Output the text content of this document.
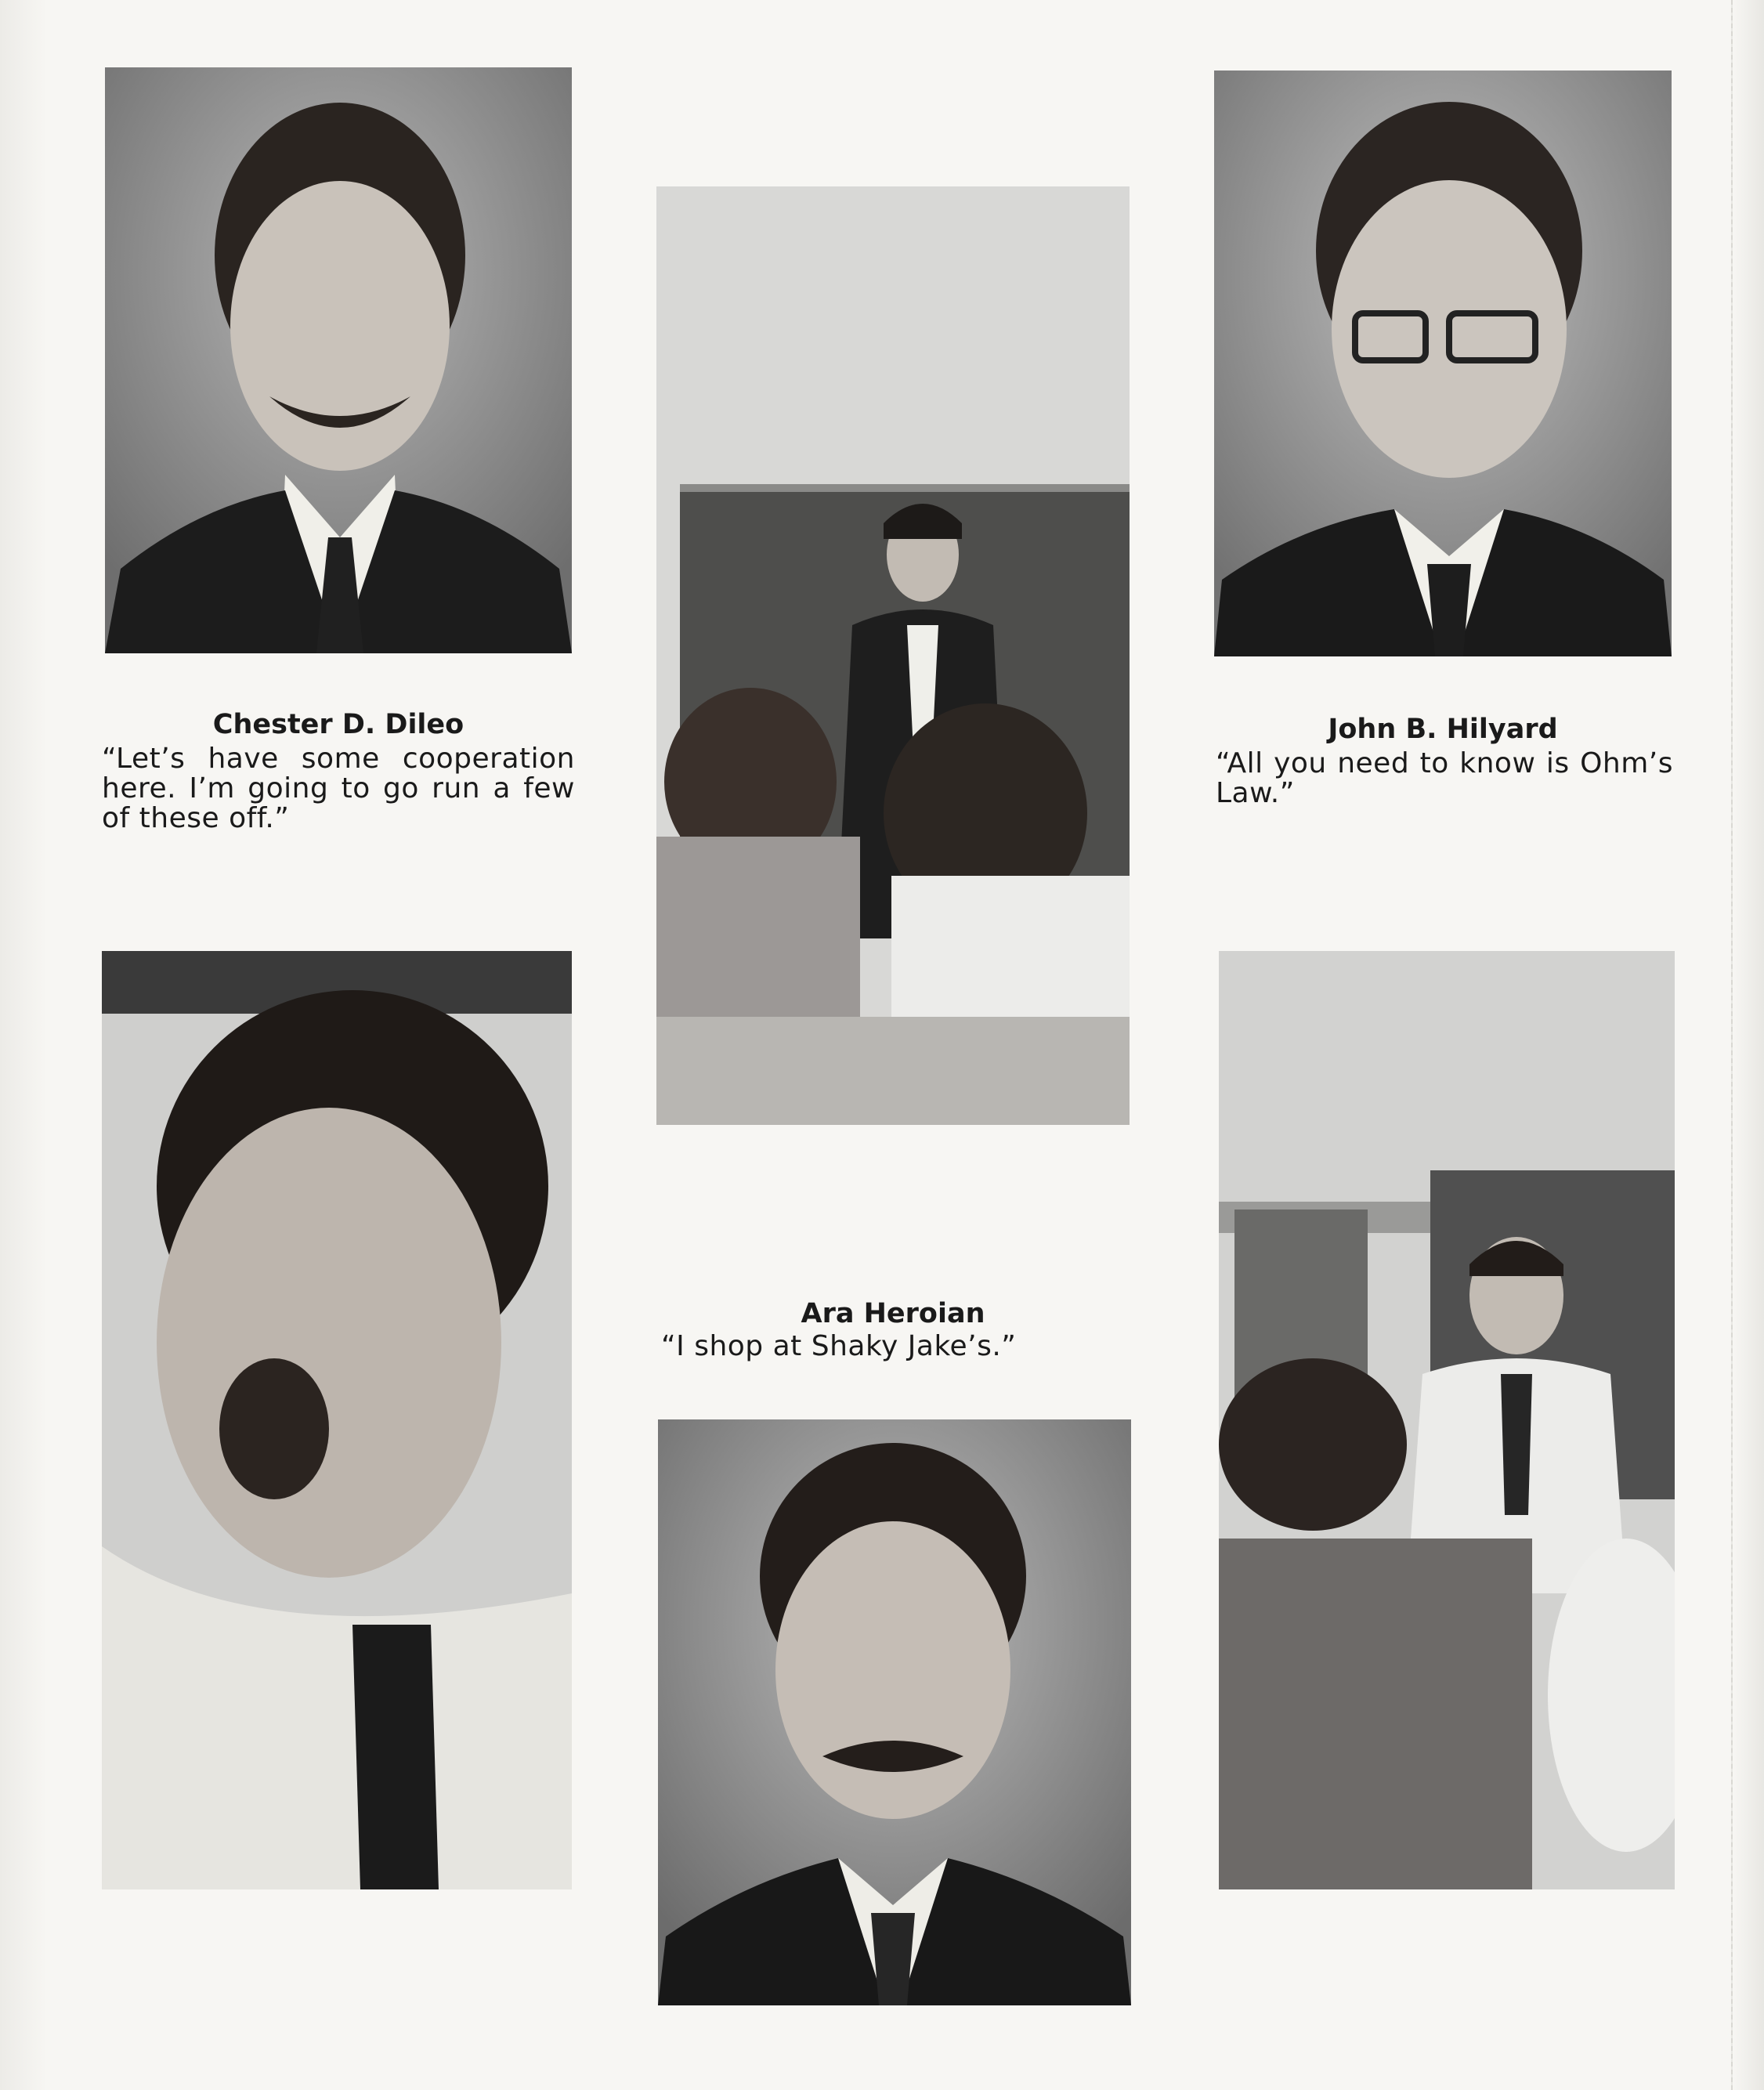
Chester D. Dileo
“Let’s have some cooperation here. I’m going to go run a few of these off.”
John B. Hilyard
“All you need to know is Ohm’s Law.”
Ara Heroian
“I shop at Shaky Jake’s.”
